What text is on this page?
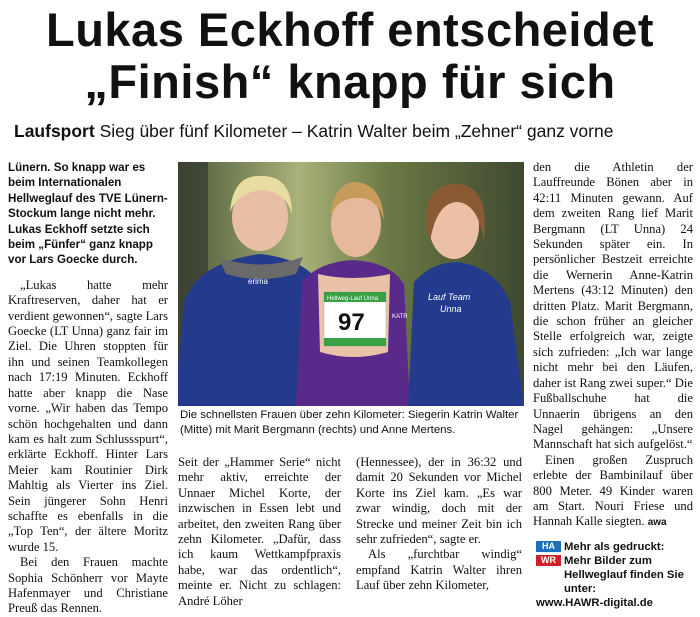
Lukas Eckhoff entscheidet
„Finish“ knapp für sich
Laufsport Sieg über fünf Kilometer – Katrin Walter beim „Zehner“ ganz vorne

Lünern. So knapp war es beim Internationalen Hellweglauf des TVE Lünern-Stockum lange nicht mehr. Lukas Eckhoff setzte sich beim „Fünfer“ ganz knapp vor Lars Goecke durch.

„Lukas hatte mehr Kraftreserven, daher hat er verdient gewonnen“, sagte Lars Goecke (LT Unna) ganz fair im Ziel. Die Uhren stoppten für ihn und seinen Teamkollegen nach 17:19 Minuten. Eckhoff hatte aber knapp die Nase vorne. „Wir haben das Tempo schön hochgehalten und dann kam es halt zum Schlussspurt“, erklärte Eckhoff. Hinter Lars Meier kam Routinier Dirk Mahltig als Vierter ins Ziel. Sein jüngerer Sohn Henri schaffte es ebenfalls in die „Top Ten“, der ältere Moritz wurde 15.

Bei den Frauen machte Sophia Schönherr vor Mayte Hafenmayer und Christiane Preuß das Rennen.

erima
Hellweg-Lauf Unna
97	KATR
Lauf Team
Unna
Die schnellsten Frauen über zehn Kilometer: Siegerin Katrin Walter (Mitte) mit Marit Bergmann (rechts) und Anne Mertens.

Seit der „Hammer Serie“ nicht mehr aktiv, erreichte der Unnaer Michel Korte, der inzwischen in Essen lebt und arbeitet, den zweiten Rang über zehn Kilometer. „Dafür, dass ich kaum Wettkampfpraxis habe, war das ordentlich“, meinte er. Nicht zu schlagen: André Löher

(Hennessee), der in 36:32 und damit 20 Sekunden vor Michel Korte ins Ziel kam. „Es war zwar windig, doch mit der Strecke und meiner Zeit bin ich sehr zufrieden“, sagte er.

Als „furchtbar windig“ empfand Katrin Walter ihren Lauf über zehn Kilometer,

den die Athletin der Lauffreunde Bönen aber in 42:11 Minuten gewann. Auf dem zweiten Rang lief Marit Bergmann (LT Unna) 24 Sekunden später ein. In persönlicher Bestzeit erreichte die Wernerin Anne-Katrin Mertens (43:12 Minuten) den dritten Platz. Marit Bergmann, die schon früher an gleicher Stelle erfolgreich war, zeigte sich zufrieden: „Ich war lange nicht mehr bei den Läufen, daher ist Rang zwei super.“ Die Fußballschuhe hat die Unnaerin übrigens an den Nagel gehängen: „Unsere Mannschaft hat sich aufgelöst.“

Einen großen Zuspruch erlebte der Bambinilauf über 800 Meter. 49 Kinder waren am Start. Nouri Friese und Hannah Kalle siegten. awa

HA Mehr als gedruckt:
WR Mehr Bilder zum Hellweglauf finden Sie unter:
www.HAWR-digital.de
